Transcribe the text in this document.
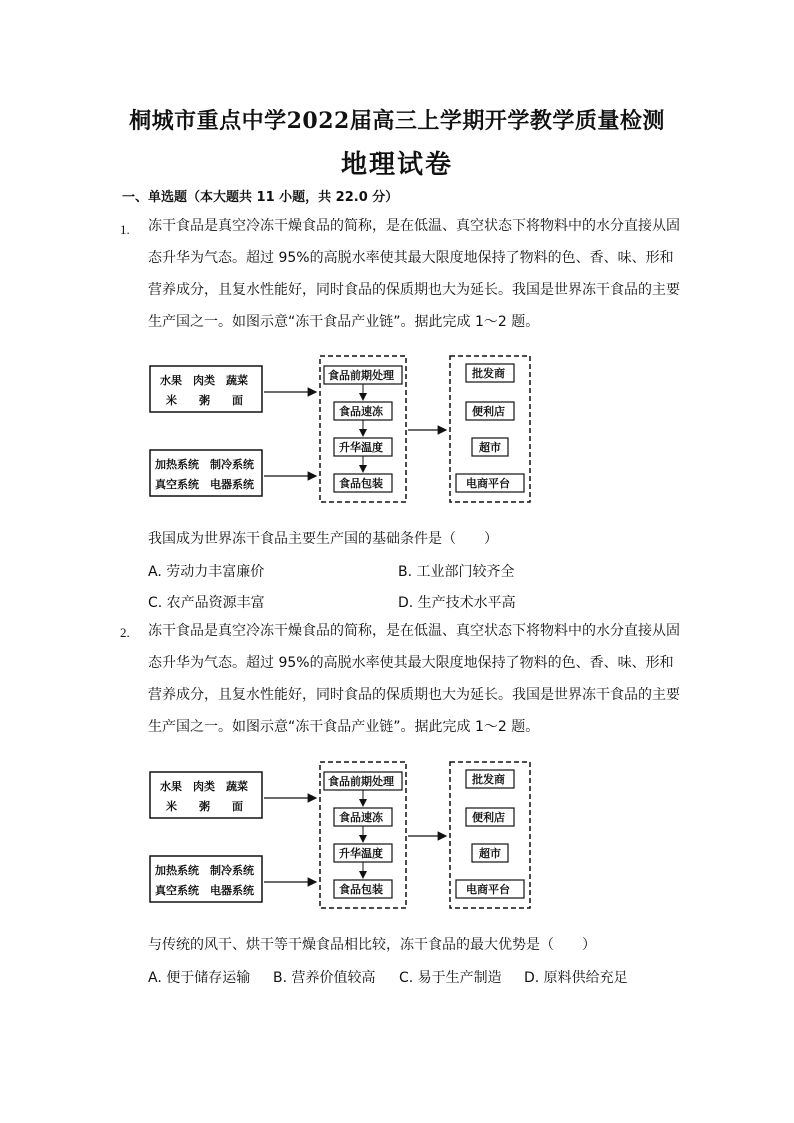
桐城市重点中学2022届高三上学期开学教学质量检测
地理试卷
一、单选题（本大题共 11 小题，共 22.0 分）
1. 冻干食品是真空冷冻干燥食品的简称，是在低温、真空状态下将物料中的水分直接从固
态升华为气态。超过 95%的高脱水率使其最大限度地保持了物料的色、香、味、形和
营养成分，且复水性能好，同时食品的保质期也大为延长。我国是世界冻干食品的主要
生产国之一。如图示意“冻干食品产业链”。据此完成 1～2 题。
水果　肉类　蔬菜
米　　粥　　面
加热系统　制冷系统
真空系统　电器系统
食品前期处理
食品速冻
升华温度
食品包装
批发商
便利店
超市
电商平台
我国成为世界冻干食品主要生产国的基础条件是（　　）
A. 劳动力丰富廉价	B. 工业部门较齐全
C. 农产品资源丰富	D. 生产技术水平高
2. 冻干食品是真空冷冻干燥食品的简称，是在低温、真空状态下将物料中的水分直接从固
态升华为气态。超过 95%的高脱水率使其最大限度地保持了物料的色、香、味、形和
营养成分，且复水性能好，同时食品的保质期也大为延长。我国是世界冻干食品的主要
生产国之一。如图示意“冻干食品产业链”。据此完成 1～2 题。
水果　肉类　蔬菜
米　　粥　　面
加热系统　制冷系统
真空系统　电器系统
食品前期处理
食品速冻
升华温度
食品包装
批发商
便利店
超市
电商平台
与传统的风干、烘干等干燥食品相比较，冻干食品的最大优势是（　　）
A. 便于储存运输 B. 营养价值较高 C. 易于生产制造 D. 原料供给充足
